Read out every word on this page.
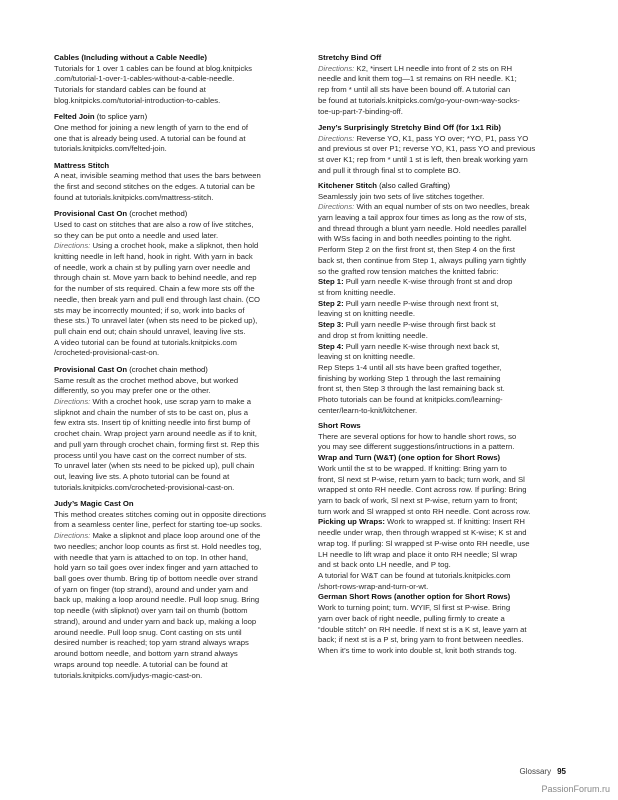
Cables (Including without a Cable Needle)

Tutorials for 1 over 1 cables can be found at blog.knitpicks

.com/tutorial-1-over-1-cables-without-a-cable-needle.

Tutorials for standard cables can be found at

blog.knitpicks.com/tutorial-introduction-to-cables.

Felted Join (to splice yarn)

One method for joining a new length of yarn to the end of

one that is already being used. A tutorial can be found at

tutorials.knitpicks.com/felted-join.

Mattress Stitch

A neat, invisible seaming method that uses the bars between

the first and second stitches on the edges. A tutorial can be

found at tutorials.knitpicks.com/mattress-stitch.

Provisional Cast On (crochet method)

Used to cast on stitches that are also a row of live stitches,

so they can be put onto a needle and used later.

Directions: Using a crochet hook, make a slipknot, then hold

knitting needle in left hand, hook in right. With yarn in back

of needle, work a chain st by pulling yarn over needle and

through chain st. Move yarn back to behind needle, and rep

for the number of sts required. Chain a few more sts off the

needle, then break yarn and pull end through last chain. (CO

sts may be incorrectly mounted; if so, work into backs of

these sts.) To unravel later (when sts need to be picked up),

pull chain end out; chain should unravel, leaving live sts.

A video tutorial can be found at tutorials.knitpicks.com

/crocheted-provisional-cast-on.

Provisional Cast On (crochet chain method)

Same result as the crochet method above, but worked

differently, so you may prefer one or the other.

Directions: With a crochet hook, use scrap yarn to make a

slipknot and chain the number of sts to be cast on, plus a

few extra sts. Insert tip of knitting needle into first bump of

crochet chain. Wrap project yarn around needle as if to knit,

and pull yarn through crochet chain, forming first st. Rep this

process until you have cast on the correct number of sts.

To unravel later (when sts need to be picked up), pull chain

out, leaving live sts. A photo tutorial can be found at

tutorials.knitpicks.com/crocheted-provisional-cast-on.

Judy’s Magic Cast On

This method creates stitches coming out in opposite directions

from a seamless center line, perfect for starting toe-up socks.

Directions: Make a slipknot and place loop around one of the

two needles; anchor loop counts as first st. Hold needles tog,

with needle that yarn is attached to on top. In other hand,

hold yarn so tail goes over index finger and yarn attached to

ball goes over thumb. Bring tip of bottom needle over strand

of yarn on finger (top strand), around and under yarn and

back up, making a loop around needle. Pull loop snug. Bring

top needle (with slipknot) over yarn tail on thumb (bottom

strand), around and under yarn and back up, making a loop

around needle. Pull loop snug. Cont casting on sts until

desired number is reached; top yarn strand always wraps

around bottom needle, and bottom yarn strand always

wraps around top needle. A tutorial can be found at

tutorials.knitpicks.com/judys-magic-cast-on.

Stretchy Bind Off

Directions: K2, *insert LH needle into front of 2 sts on RH

needle and knit them tog—1 st remains on RH needle. K1;

rep from * until all sts have been bound off. A tutorial can

be found at tutorials.knitpicks.com/go-your-own-way-socks-

toe-up-part-7-binding-off.

Jeny’s Surprisingly Stretchy Bind Off (for 1x1 Rib)

Directions: Reverse YO, K1, pass YO over; *YO, P1, pass YO

and previous st over P1; reverse YO, K1, pass YO and previous

st over K1; rep from * until 1 st is left, then break working yarn

and pull it through final st to complete BO.

Kitchener Stitch (also called Grafting)

Seamlessly join two sets of live stitches together.

Directions: With an equal number of sts on two needles, break

yarn leaving a tail approx four times as long as the row of sts,

and thread through a blunt yarn needle. Hold needles parallel

with WSs facing in and both needles pointing to the right.

Perform Step 2 on the first front st, then Step 4 on the first

back st, then continue from Step 1, always pulling yarn tightly

so the grafted row tension matches the knitted fabric:

Step 1: Pull yarn needle K-wise through front st and drop

st from knitting needle.

Step 2: Pull yarn needle P-wise through next front st,

leaving st on knitting needle.

Step 3: Pull yarn needle P-wise through first back st

and drop st from knitting needle.

Step 4: Pull yarn needle K-wise through next back st,

leaving st on knitting needle.

Rep Steps 1-4 until all sts have been grafted together,

finishing by working Step 1 through the last remaining

front st, then Step 3 through the last remaining back st.

Photo tutorials can be found at knitpicks.com/learning-

center/learn-to-knit/kitchener.

Short Rows

There are several options for how to handle short rows, so

you may see different suggestions/intructions in a pattern.

Wrap and Turn (W&T) (one option for Short Rows)

Work until the st to be wrapped. If knitting: Bring yarn to

front, Sl next st P-wise, return yarn to back; turn work, and Sl

wrapped st onto RH needle. Cont across row. If purling: Bring

yarn to back of work, Sl next st P-wise, return yarn to front;

turn work and Sl wrapped st onto RH needle. Cont across row.

Picking up Wraps: Work to wrapped st. If knitting: Insert RH

needle under wrap, then through wrapped st K-wise; K st and

wrap tog. If purling: Sl wrapped st P-wise onto RH needle, use

LH needle to lift wrap and place it onto RH needle; Sl wrap

and st back onto LH needle, and P tog.

A tutorial for W&T can be found at tutorials.knitpicks.com

/short-rows-wrap-and-turn-or-wt.

German Short Rows (another option for Short Rows)

Work to turning point; turn. WYIF, Sl first st P-wise. Bring

yarn over back of right needle, pulling firmly to create a

“double stitch” on RH needle. If next st is a K st, leave yarn at

back; if next st is a P st, bring yarn to front between needles.

When it’s time to work into double st, knit both strands tog.

Glossary 95
PassionForum.ru
